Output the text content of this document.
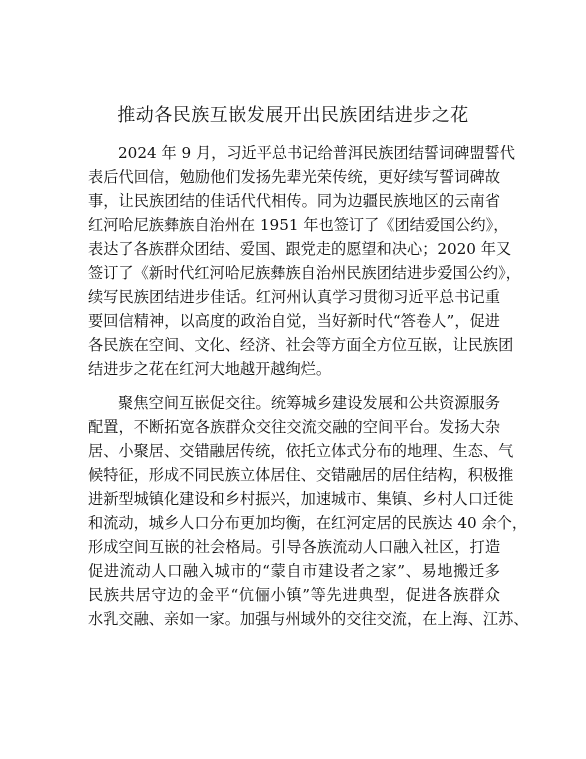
推动各民族互嵌发展开出民族团结进步之花
2024 年 9 月，习近平总书记给普洱民族团结誓词碑盟誓代
表后代回信，勉励他们发扬先辈光荣传统，更好续写誓词碑故
事，让民族团结的佳话代代相传。同为边疆民族地区的云南省
红河哈尼族彝族自治州在 1951 年也签订了《团结爱国公约》，
表达了各族群众团结、爱国、跟党走的愿望和决心；2020 年又
签订了《新时代红河哈尼族彝族自治州民族团结进步爱国公约》，
续写民族团结进步佳话。红河州认真学习贯彻习近平总书记重
要回信精神，以高度的政治自觉，当好新时代“答卷人”，促进
各民族在空间、文化、经济、社会等方面全方位互嵌，让民族团
结进步之花在红河大地越开越绚烂。
聚焦空间互嵌促交往。统筹城乡建设发展和公共资源服务
配置，不断拓宽各族群众交往交流交融的空间平台。发扬大杂
居、小聚居、交错融居传统，依托立体式分布的地理、生态、气
候特征，形成不同民族立体居住、交错融居的居住结构，积极推
进新型城镇化建设和乡村振兴，加速城市、集镇、乡村人口迁徙
和流动，城乡人口分布更加均衡，在红河定居的民族达 40 余个，
形成空间互嵌的社会格局。引导各族流动人口融入社区，打造
促进流动人口融入城市的“蒙自市建设者之家”、易地搬迁多
民族共居守边的金平“伉俪小镇”等先进典型，促进各族群众
水乳交融、亲如一家。加强与州域外的交往交流，在上海、江苏、
